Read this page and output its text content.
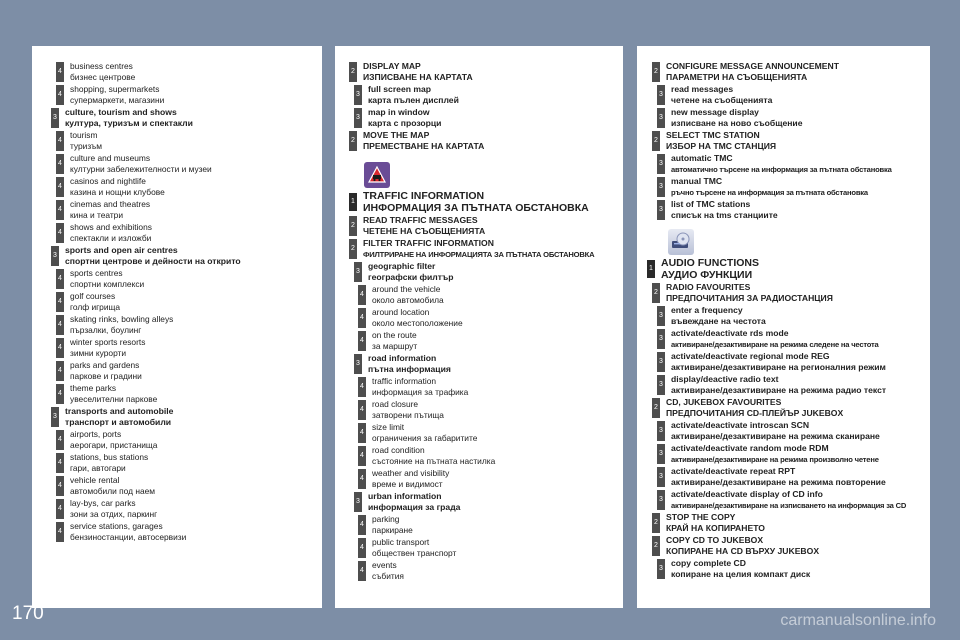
4
business centres
бизнес центрове
4
shopping, supermarkets
супермаркети, магазини
3
culture, tourism and shows
култура, туризъм и спектакли
4
tourism
туризъм
4
culture and museums
културни забележителности и музеи
4
casinos and nightlife
казина и нощни клубове
4
cinemas and theatres
кина и театри
4
shows and exhibitions
спектакли и изложби
3
sports and open air centres
спортни центрове и дейности на открито
4
sports centres
спортни комплекси
4
golf courses
голф игрища
4
skating rinks, bowling alleys
пързалки, боулинг
4
winter sports resorts
зимни курорти
4
parks and gardens
паркове и градини
4
theme parks
увеселителни паркове
3
transports and automobile
транспорт и автомобили
4
airports, ports
аерогари, пристанища
4
stations, bus stations
гари, автогари
4
vehicle rental
автомобили под наем
4
lay-bys, car parks
зони за отдих, паркинг
4
service stations, garages
бензиностанции, автосервизи
2
DISPLAY MAP
ИЗПИСВАНЕ НА КАРТАТА
3
full screen map
карта пълен дисплей
3
map in window
карта с прозорци
2
MOVE THE MAP
ПРЕМЕСТВАНЕ НА КАРТАТА
1 TRAFFIC INFORMATION
ИНФОРМАЦИЯ ЗА ПЪТНАТА ОБСТАНОВКА
2
READ TRAFFIC MESSAGES
ЧЕТЕНЕ НА СЪОБЩЕНИЯТА
2
FILTER TRAFFIC INFORMATION
ФИЛТРИРАНЕ НА ИНФОРМАЦИЯТА ЗА ПЪТНАТА ОБСТАНОВКА
3
geographic filter
географски филтър
4
around the vehicle
около автомобила
4
around location
около местоположение
4
on the route
за маршрут
3
road information
пътна информация
4
traffic information
информация за трафика
4
road closure
затворени пътища
4
size limit
ограничения за габаритите
4
road condition
състояние на пътната настилка
4
weather and visibility
време и видимост
3
urban information
информация за града
4
parking
паркиране
4
public transport
обществен транспорт
4
events
събития
2
CONFIGURE MESSAGE ANNOUNCEMENT
ПАРАМЕТРИ НА СЪОБЩЕНИЯТА
3
read messages
четене на съобщенията
3
new message display
изписване на ново съобщение
2
SELECT TMC STATION
ИЗБОР НА TMC СТАНЦИЯ
3
automatic TMC
автоматично търсене на информация за пътната обстановка
3
manual TMC
ръчно търсене на информация за пътната обстановка
3
list of TMC stations
списък на tms станциите
1 AUDIO FUNCTIONS
АУДИО ФУНКЦИИ
2
RADIO FAVOURITES
ПРЕДПОЧИТАНИЯ ЗА РАДИОСТАНЦИЯ
3
enter a frequency
въвеждане на честота
3
activate/deactivate rds mode
активиране/дезактивиране на режима следене на честота
3
activate/deactivate regional mode REG
активиране/дезактивиране на регионалния режим
3
display/deactive radio text
активиране/дезактивиране на режима радио текст
2
CD, JUKEBOX FAVOURITES
ПРЕДПОЧИТАНИЯ CD-ПЛЕЙЪР JUKEBOX
3
activate/deactivate introscan SCN
активиране/дезактивиране на режима сканиране
3
activate/deactivate random mode RDM
активиране/дезактивиране на режима произволно четене
3
activate/deactivate repeat RPT
активиране/дезактивиране на режима повторение
3
activate/deactivate display of CD info
активиране/дезактивиране на изписването на информация за CD
2
STOP THE COPY
КРАЙ НА КОПИРАНЕТО
2
COPY CD TO JUKEBOX
КОПИРАНЕ НА CD ВЪРХУ JUKEBOX
3
copy complete CD
копиране на целия компакт диск
170	carmanualsonline.info
